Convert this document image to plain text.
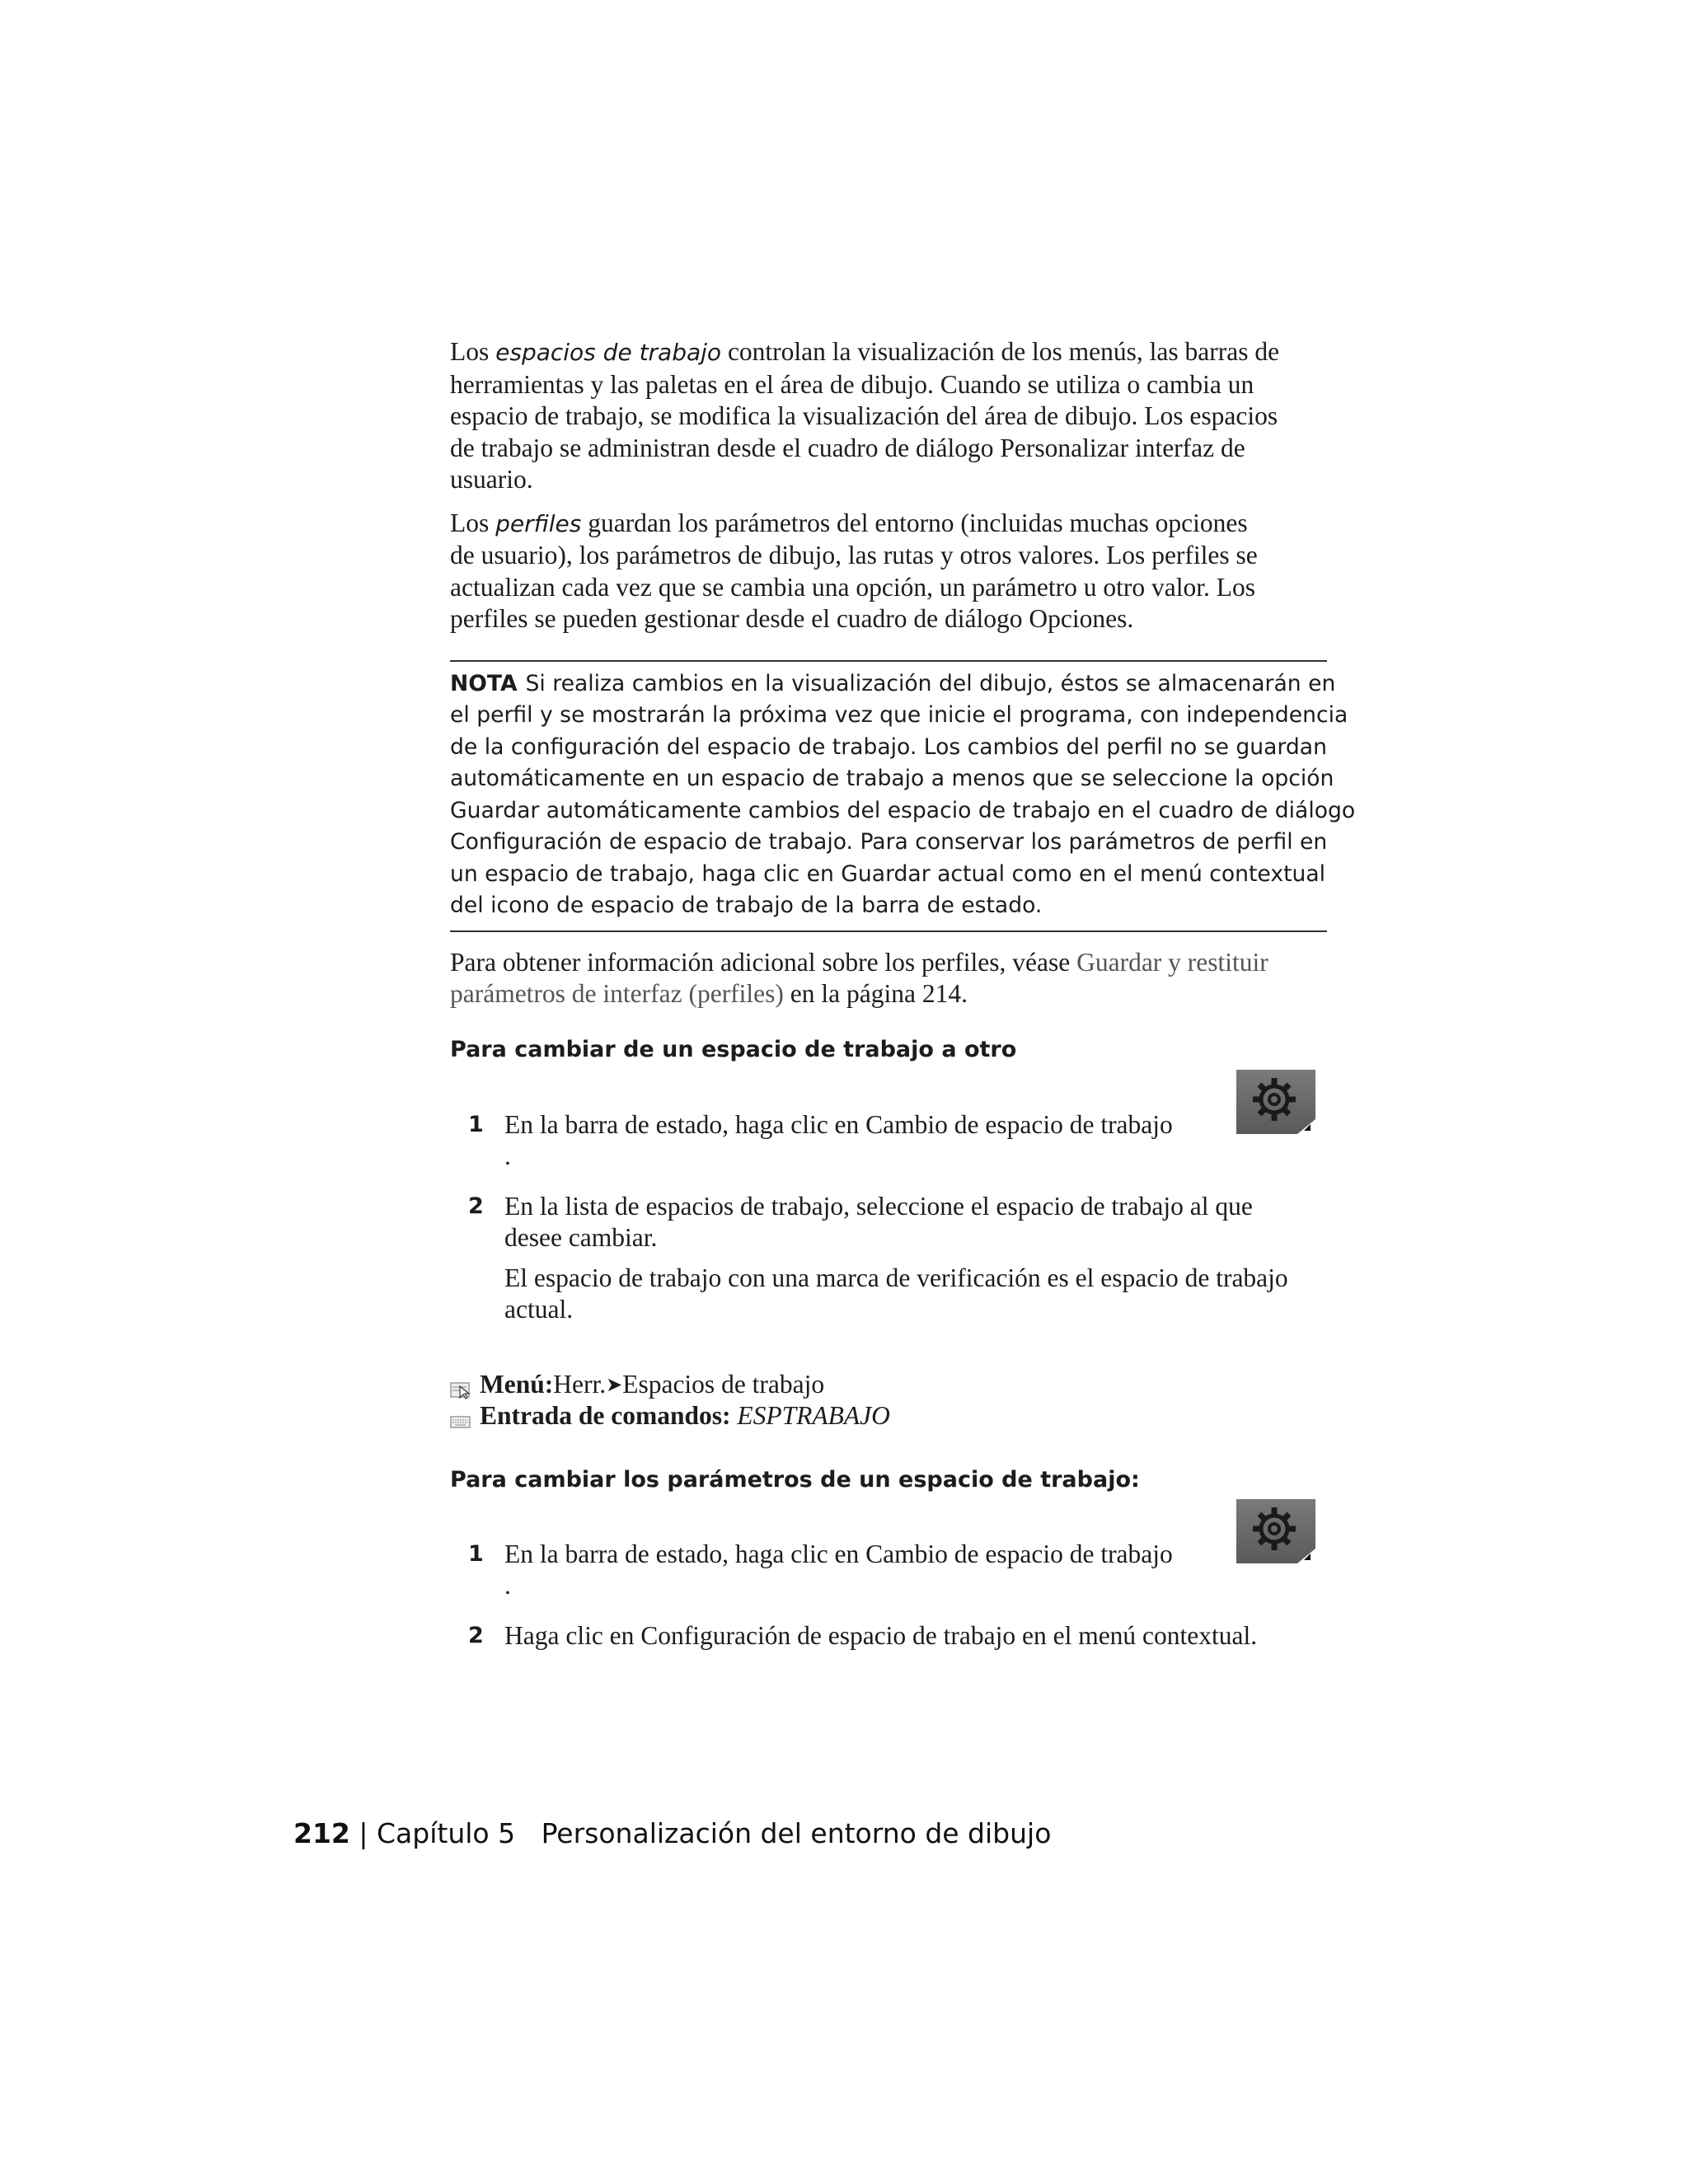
Los espacios de trabajo controlan la visualización de los menús, las barras de
herramientas y las paletas en el área de dibujo. Cuando se utiliza o cambia un
espacio de trabajo, se modifica la visualización del área de dibujo. Los espacios
de trabajo se administran desde el cuadro de diálogo Personalizar interfaz de
usuario.

Los perfiles guardan los parámetros del entorno (incluidas muchas opciones
de usuario), los parámetros de dibujo, las rutas y otros valores. Los perfiles se
actualizan cada vez que se cambia una opción, un parámetro u otro valor. Los
perfiles se pueden gestionar desde el cuadro de diálogo Opciones.

NOTA Si realiza cambios en la visualización del dibujo, éstos se almacenarán en
el perfil y se mostrarán la próxima vez que inicie el programa, con independencia
de la configuración del espacio de trabajo. Los cambios del perfil no se guardan
automáticamente en un espacio de trabajo a menos que se seleccione la opción
Guardar automáticamente cambios del espacio de trabajo en el cuadro de diálogo
Configuración de espacio de trabajo. Para conservar los parámetros de perfil en
un espacio de trabajo, haga clic en Guardar actual como en el menú contextual
del icono de espacio de trabajo de la barra de estado.

Para obtener información adicional sobre los perfiles, véase Guardar y restituir
parámetros de interfaz (perfiles) en la página 214.

Para cambiar de un espacio de trabajo a otro

1 En la barra de estado, haga clic en Cambio de espacio de trabajo
.
2 En la lista de espacios de trabajo, seleccione el espacio de trabajo al que
desee cambiar.
El espacio de trabajo con una marca de verificación es el espacio de trabajo
actual.
Menú: Herr. ➤ Espacios de trabajo
Entrada de comandos:
ESPTRABAJO

Para cambiar los parámetros de un espacio de trabajo:

1 En la barra de estado, haga clic en Cambio de espacio de trabajo
.
2 Haga clic en Configuración de espacio de trabajo en el menú contextual.
212 | Capítulo 5 Personalización del entorno de dibujo
